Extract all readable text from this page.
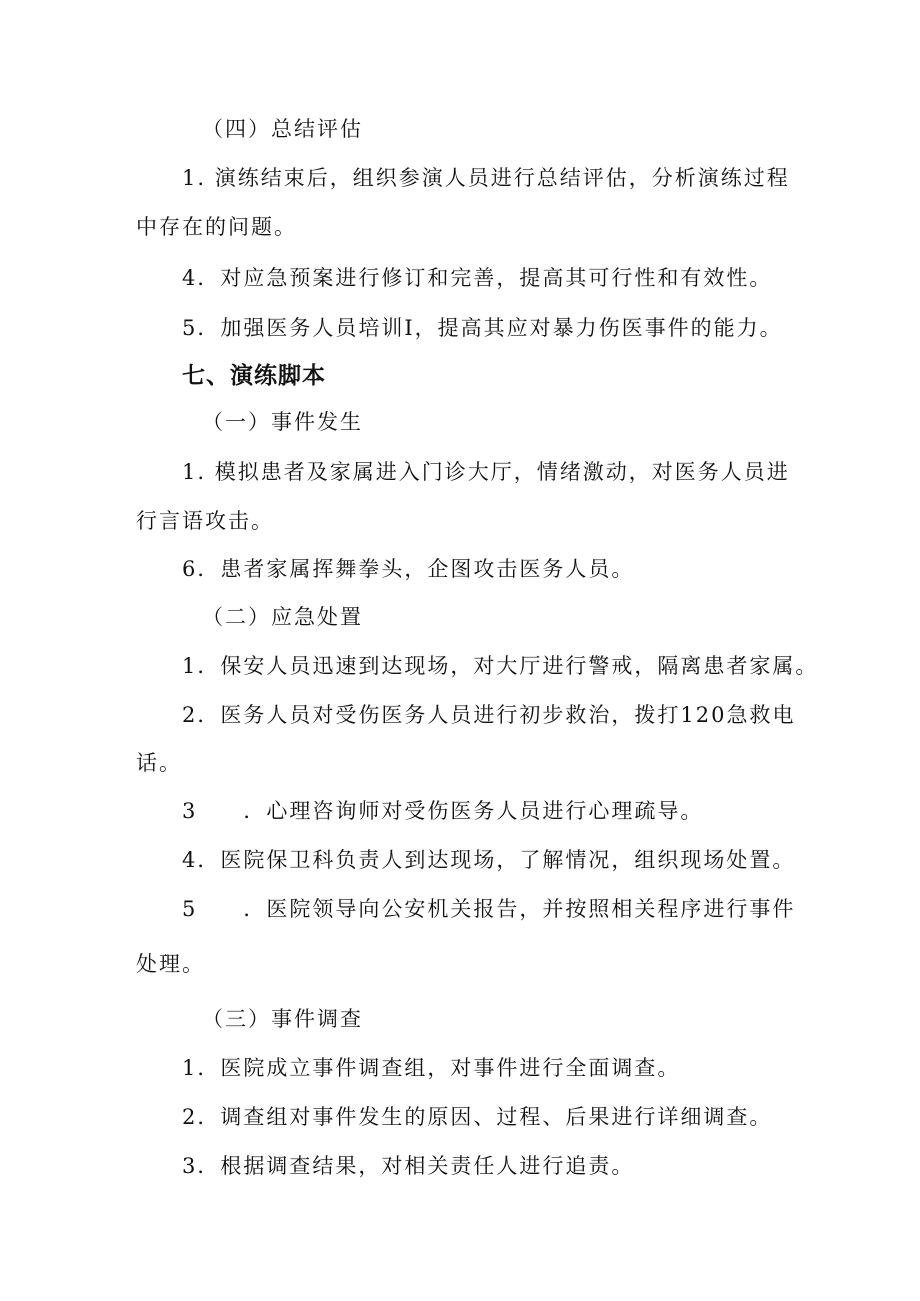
（四）总结评估
1. 演练结束后，组织参演人员进行总结评估，分析演练过程
中存在的问题。
4．对应急预案进行修订和完善，提高其可行性和有效性。
5．加强医务人员培训I，提高其应对暴力伤医事件的能力。
七、演练脚本
（一）事件发生
1. 模拟患者及家属进入门诊大厅，情绪激动，对医务人员进
行言语攻击。
6．患者家属挥舞拳头，企图攻击医务人员。
（二）应急处置
1．保安人员迅速到达现场，对大厅进行警戒，隔离患者家属。
2．医务人员对受伤医务人员进行初步救治，拨打120急救电
话。
3　　．心理咨询师对受伤医务人员进行心理疏导。
4．医院保卫科负责人到达现场，了解情况，组织现场处置。
5　　．医院领导向公安机关报告，并按照相关程序进行事件
处理。
（三）事件调查
1．医院成立事件调查组，对事件进行全面调查。
2．调查组对事件发生的原因、过程、后果进行详细调查。
3．根据调查结果，对相关责任人进行追责。
